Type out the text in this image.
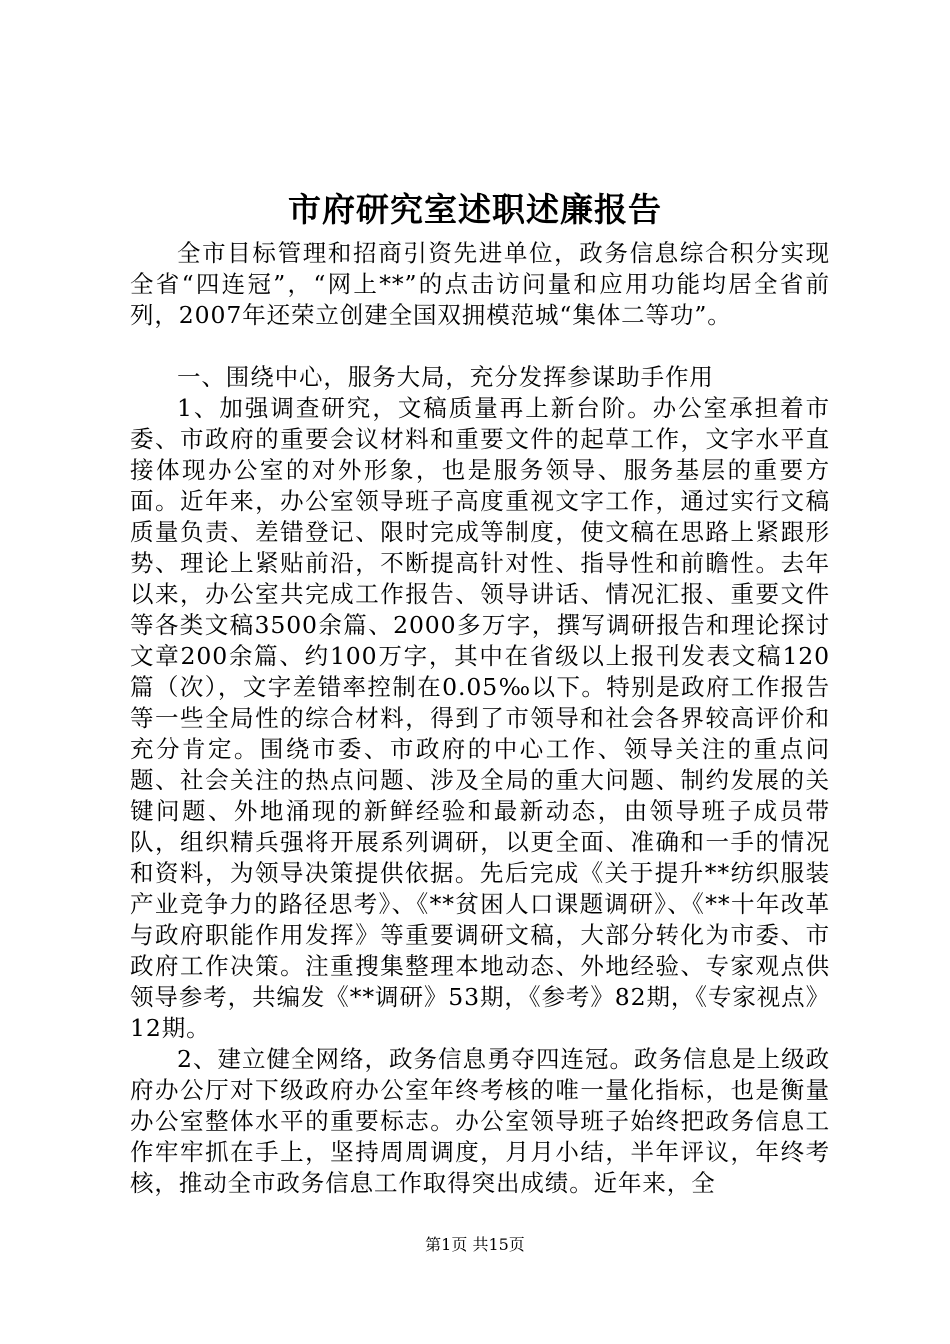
市府研究室述职述廉报告

全市目标管理和招商引资先进单位，政务信息综合积分实现全省“四连冠”，“网上**”的点击访问量和应用功能均居全省前列，2007年还荣立创建全国双拥模范城“集体二等功”。

一、围绕中心，服务大局，充分发挥参谋助手作用

1、加强调查研究，文稿质量再上新台阶。办公室承担着市委、市政府的重要会议材料和重要文件的起草工作，文字水平直接体现办公室的对外形象，也是服务领导、服务基层的重要方面。近年来，办公室领导班子高度重视文字工作，通过实行文稿质量负责、差错登记、限时完成等制度，使文稿在思路上紧跟形势、理论上紧贴前沿，不断提高针对性、指导性和前瞻性。去年以来，办公室共完成工作报告、领导讲话、情况汇报、重要文件等各类文稿3500余篇、2000多万字，撰写调研报告和理论探讨文章200余篇、约100万字，其中在省级以上报刊发表文稿120篇（次），文字差错率控制在0.05‰以下。特别是政府工作报告等一些全局性的综合材料，得到了市领导和社会各界较高评价和充分肯定。围绕市委、市政府的中心工作、领导关注的重点问题、社会关注的热点问题、涉及全局的重大问题、制约发展的关键问题、外地涌现的新鲜经验和最新动态，由领导班子成员带队，组织精兵强将开展系列调研，以更全面、准确和一手的情况和资料，为领导决策提供依据。先后完成《关于提升**纺织服装产业竞争力的路径思考》、《**贫困人口课题调研》、《**十年改革与政府职能作用发挥》等重要调研文稿，大部分转化为市委、市政府工作决策。注重搜集整理本地动态、外地经验、专家观点供领导参考，共编发《**调研》53期，《参考》82期，《专家视点》12期。

2、建立健全网络，政务信息勇夺四连冠。政务信息是上级政府办公厅对下级政府办公室年终考核的唯一量化指标，也是衡量办公室整体水平的重要标志。办公室领导班子始终把政务信息工作牢牢抓在手上，坚持周周调度，月月小结，半年评议，年终考核，推动全市政务信息工作取得突出成绩。近年来，全

第1页 共15页
